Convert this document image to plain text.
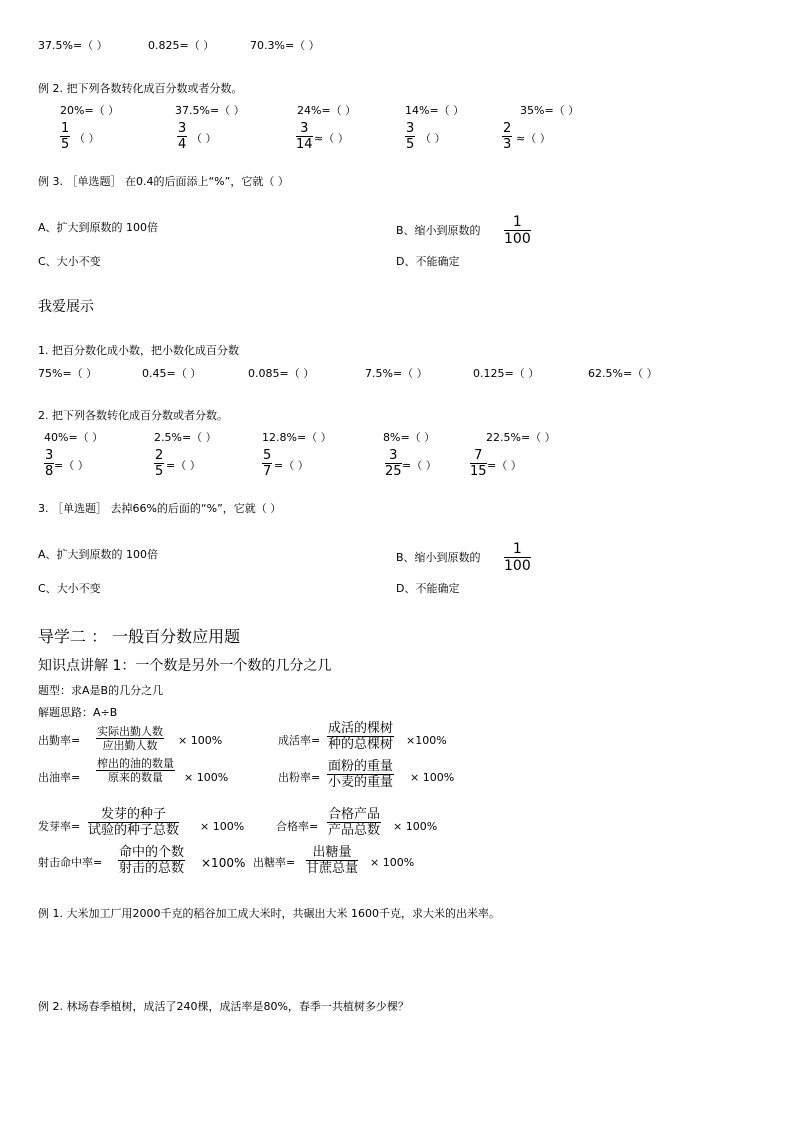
37.5%=（ ）	0.825=（ ）	70.3%=（ ）
例 2. 把下列各数转化成百分数或者分数。
20%=（ ）	37.5%=（ ）	24%=（ ）	14%=（ ）	35%=（ ）
1
5 （ ）
3
4 （ ）
3
14 ≈（ ）
3
5 （ ）
2
3 ≈（ ）
例 3. ［单选题］ 在0.4的后面添上“%”，它就（ ）
A、扩大到原数的 100倍	B、缩小到原数的
1
100
C、大小不变	D、不能确定
我爱展示
1. 把百分数化成小数，把小数化成百分数
75%=（ ）	0.45=（ ）	0.085=（ ）	7.5%=（ ）	0.125=（ ）	62.5%=（ ）
2. 把下列各数转化成百分数或者分数。
40%=（ ）	2.5%=（ ）	12.8%=（ ）	8%=（ ）	22.5%=（ ）
3
8 =（ ）
2
5 =（ ）
5
7 =（ ）
3
25 =（ ）
7
15 =（ ）
3. ［单选题］ 去掉66%的后面的“%”，它就（ ）
A、扩大到原数的 100倍	B、缩小到原数的
1
100
C、大小不变	D、不能确定
导学二 ： 一般百分数应用题
知识点讲解 1：一个数是另外一个数的几分之几
题型：求A是B的几分之几
解题思路：A÷B
出勤率=
实际出勤人数
应出勤人数 × 100%	成活率=
成活的棵树
种的总棵树 ×100%
出油率=
榨出的油的数量
原来的数量 × 100%	出粉率=
面粉的重量
小麦的重量 × 100%
发芽率=
发芽的种子
试验的种子总数 × 100%	合格率=
合格产品
产品总数 × 100%
射击命中率=
命中的个数
射击的总数 ×100% 出糖率=
出糖量
甘蔗总量 × 100%
例 1. 大米加工厂用2000千克的稻谷加工成大米时，共碾出大米 1600千克，求大米的出米率。
例 2. 林场春季植树，成活了240棵，成活率是80%，春季一共植树多少棵？
